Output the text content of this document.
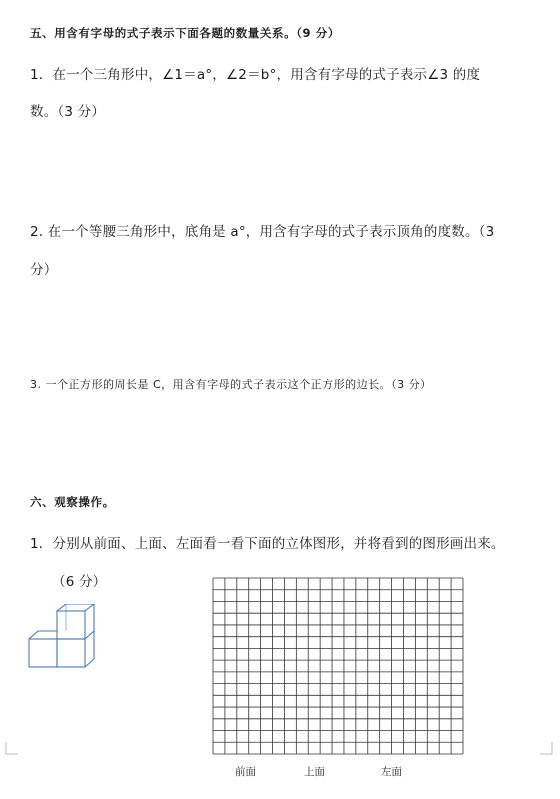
五、用含有字母的式子表示下面各题的数量关系。（9 分）
1．在一个三角形中，∠1＝a°，∠2＝b°，用含有字母的式子表示∠3 的度
数。（3 分）
2. 在一个等腰三角形中，底角是 a°，用含有字母的式子表示顶角的度数。（3
分）
3. 一个正方形的周长是 C，用含有字母的式子表示这个正方形的边长。（3 分）
六、观察操作。
1．分别从前面、上面、左面看一看下面的立体图形，并将看到的图形画出来。
（6 分）
前面	上面	左面
